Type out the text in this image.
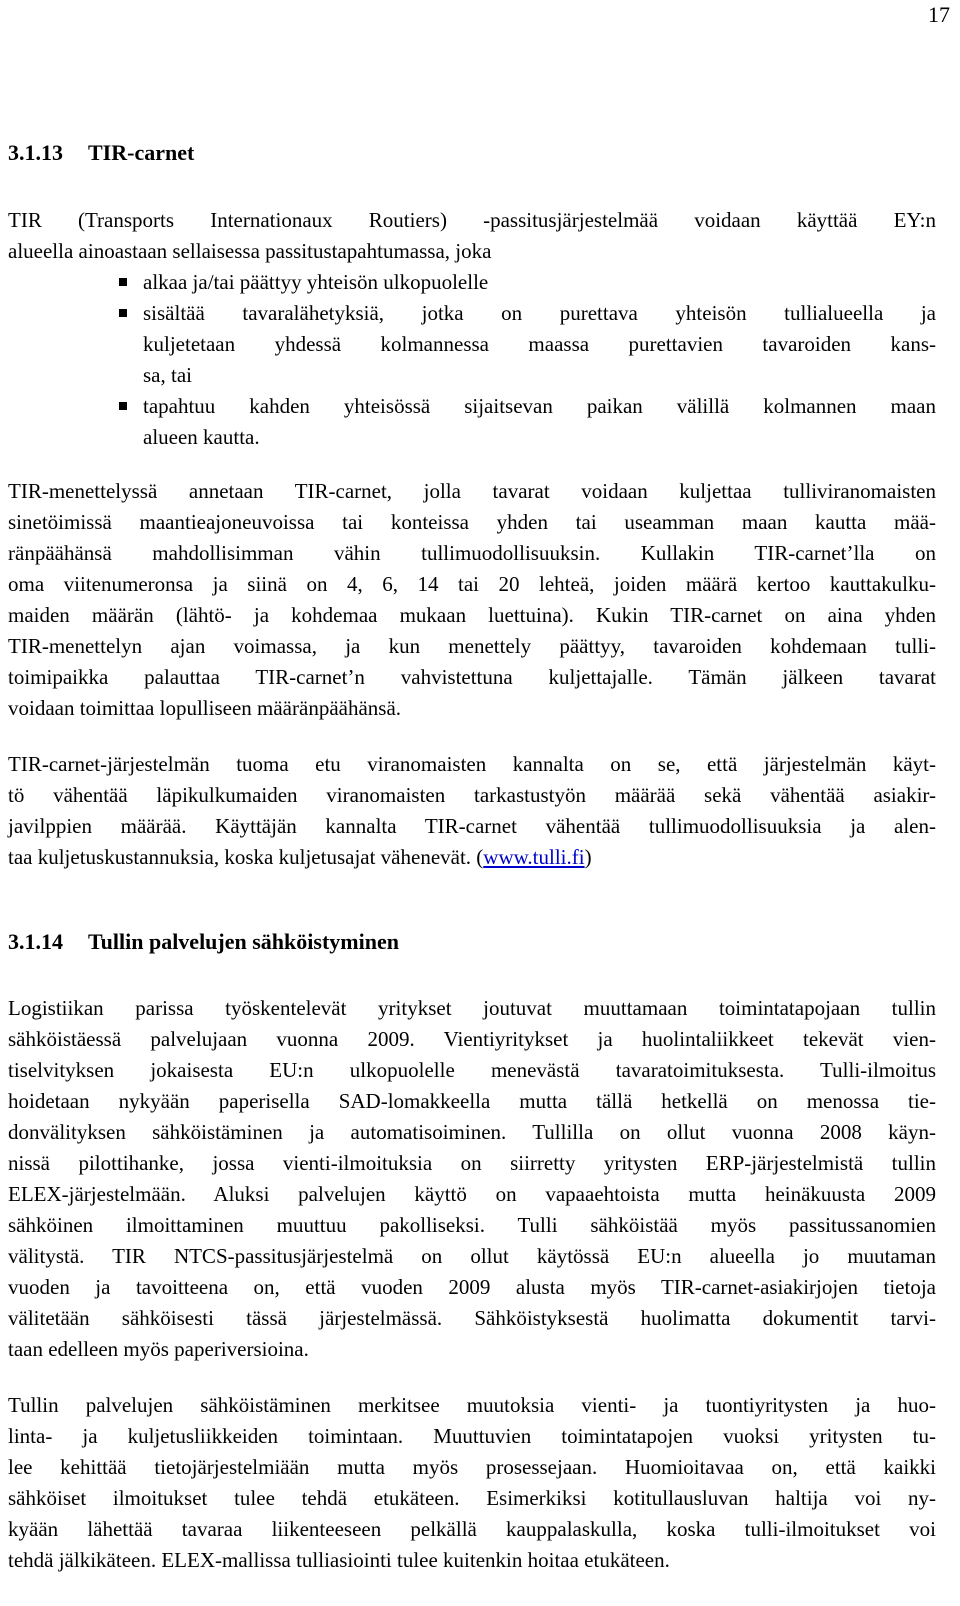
17
3.1.13 TIR-carnet
TIR (Transports Internationaux Routiers) -passitusjärjestelmää voidaan käyttää EY:n
alueella ainoastaan sellaisessa passitustapahtumassa, joka
alkaa ja/tai päättyy yhteisön ulkopuolelle
sisältää tavaralähetyksiä, jotka on purettava yhteisön tullialueella ja
kuljetetaan yhdessä kolmannessa maassa purettavien tavaroiden kans-
sa, tai
tapahtuu kahden yhteisössä sijaitsevan paikan välillä kolmannen maan
alueen kautta.
TIR-menettelyssä annetaan TIR-carnet, jolla tavarat voidaan kuljettaa tulliviranomaisten
sinetöimissä maantieajoneuvoissa tai konteissa yhden tai useamman maan kautta mää-
ränpäähänsä mahdollisimman vähin tullimuodollisuuksin. Kullakin TIR-carnet’lla on
oma viitenumeronsa ja siinä on 4, 6, 14 tai 20 lehteä, joiden määrä kertoo kauttakulku-
maiden määrän (lähtö- ja kohdemaa mukaan luettuina). Kukin TIR-carnet on aina yhden
TIR-menettelyn ajan voimassa, ja kun menettely päättyy, tavaroiden kohdemaan tulli-
toimipaikka palauttaa TIR-carnet’n vahvistettuna kuljettajalle. Tämän jälkeen tavarat
voidaan toimittaa lopulliseen määränpäähänsä.
TIR-carnet-järjestelmän tuoma etu viranomaisten kannalta on se, että järjestelmän käyt-
tö vähentää läpikulkumaiden viranomaisten tarkastustyön määrää sekä vähentää asiakir-
javilppien määrää. Käyttäjän kannalta TIR-carnet vähentää tullimuodollisuuksia ja alen-
taa kuljetuskustannuksia, koska kuljetusajat vähenevät. (www.tulli.fi)
3.1.14 Tullin palvelujen sähköistyminen
Logistiikan parissa työskentelevät yritykset joutuvat muuttamaan toimintatapojaan tullin
sähköistäessä palvelujaan vuonna 2009. Vientiyritykset ja huolintaliikkeet tekevät vien-
tiselvityksen jokaisesta EU:n ulkopuolelle menevästä tavaratoimituksesta. Tulli-ilmoitus
hoidetaan nykyään paperisella SAD-lomakkeella mutta tällä hetkellä on menossa tie-
donvälityksen sähköistäminen ja automatisoiminen. Tullilla on ollut vuonna 2008 käyn-
nissä pilottihanke, jossa vienti-ilmoituksia on siirretty yritysten ERP-järjestelmistä tullin
ELEX-järjestelmään. Aluksi palvelujen käyttö on vapaaehtoista mutta heinäkuusta 2009
sähköinen ilmoittaminen muuttuu pakolliseksi. Tulli sähköistää myös passitussanomien
välitystä. TIR NTCS-passitusjärjestelmä on ollut käytössä EU:n alueella jo muutaman
vuoden ja tavoitteena on, että vuoden 2009 alusta myös TIR-carnet-asiakirjojen tietoja
välitetään sähköisesti tässä järjestelmässä. Sähköistyksestä huolimatta dokumentit tarvi-
taan edelleen myös paperiversioina.
Tullin palvelujen sähköistäminen merkitsee muutoksia vienti- ja tuontiyritysten ja huo-
linta- ja kuljetusliikkeiden toimintaan. Muuttuvien toimintatapojen vuoksi yritysten tu-
lee kehittää tietojärjestelmiään mutta myös prosessejaan. Huomioitavaa on, että kaikki
sähköiset ilmoitukset tulee tehdä etukäteen. Esimerkiksi kotitullausluvan haltija voi ny-
kyään lähettää tavaraa liikenteeseen pelkällä kauppalaskulla, koska tulli-ilmoitukset voi
tehdä jälkikäteen. ELEX-mallissa tulliasiointi tulee kuitenkin hoitaa etukäteen.
